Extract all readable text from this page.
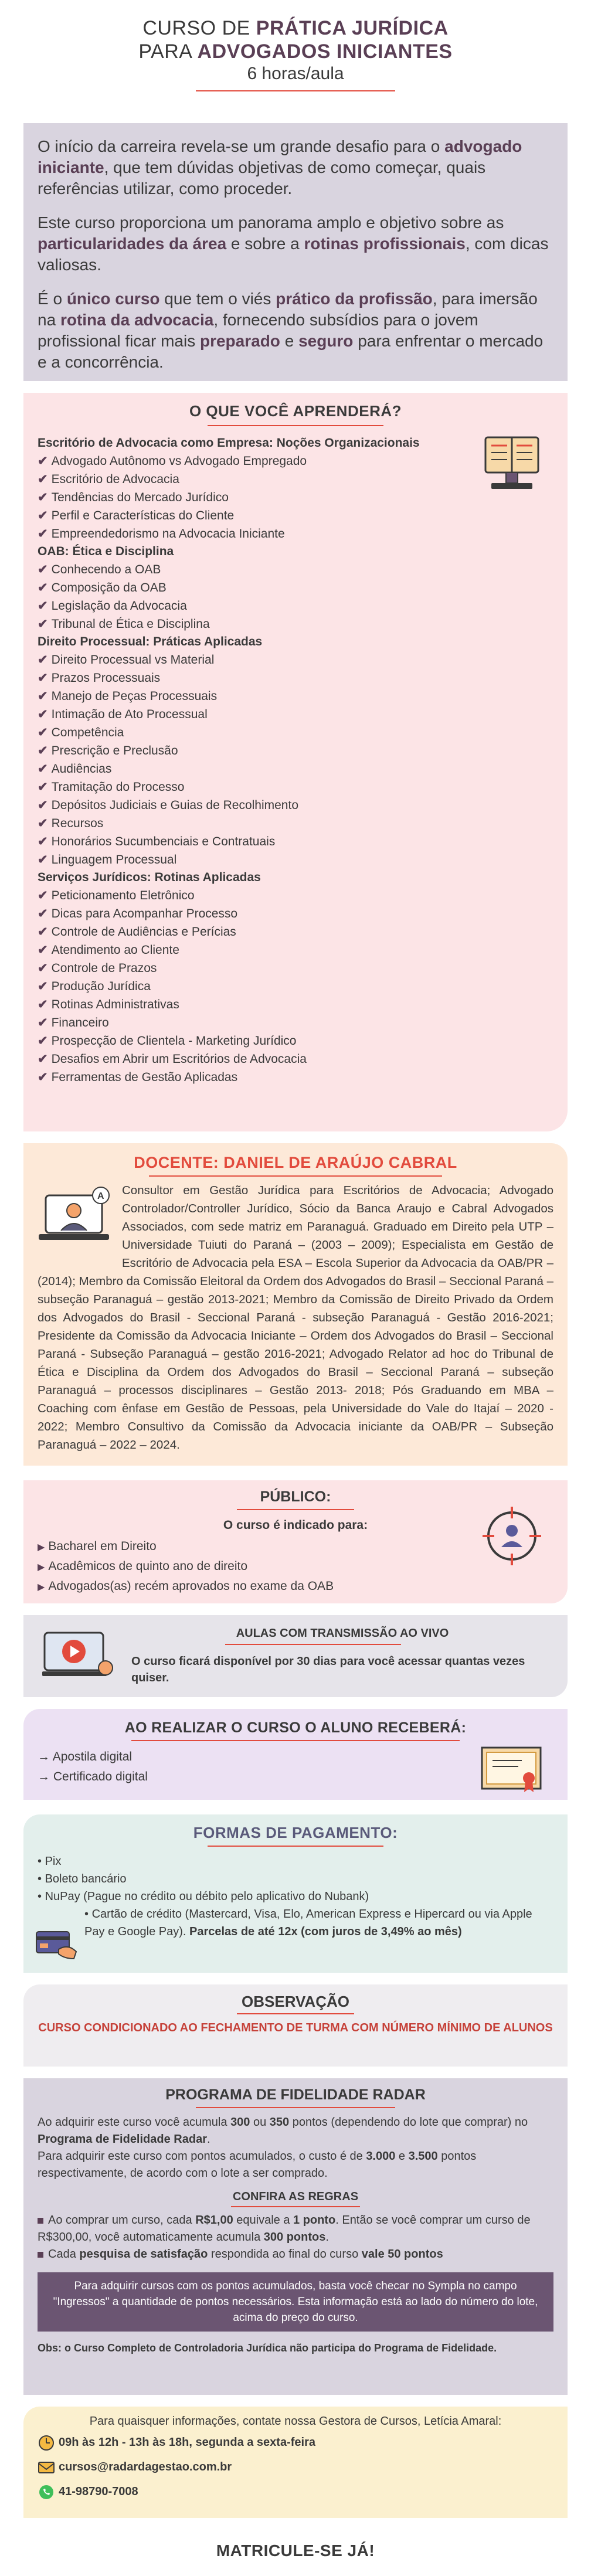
CURSO DE PRÁTICA JURÍDICA
PARA ADVOGADOS INICIANTES
6 horas/aula

O início da carreira revela-se um grande desafio para o advogado iniciante, que tem dúvidas objetivas de como começar, quais referências utilizar, como proceder.

Este curso proporciona um panorama amplo e objetivo sobre as particularidades da área e sobre a rotinas profissionais, com dicas valiosas.

É o único curso que tem o viés prático da profissão, para imersão na rotina da advocacia, fornecendo subsídios para o jovem profissional ficar mais preparado e seguro para enfrentar o mercado e a concorrência.

O QUE VOCÊ APRENDERÁ?
Escritório de Advocacia como Empresa: Noções Organizacionais
✔ Advogado Autônomo vs Advogado Empregado
✔ Escritório de Advocacia
✔ Tendências do Mercado Jurídico
✔ Perfil e Características do Cliente
✔ Empreendedorismo na Advocacia Iniciante
OAB: Ética e Disciplina
✔ Conhecendo a OAB
✔ Composição da OAB
✔ Legislação da Advocacia
✔ Tribunal de Ética e Disciplina
Direito Processual: Práticas Aplicadas
✔ Direito Processual vs Material
✔ Prazos Processuais
✔ Manejo de Peças Processuais
✔ Intimação de Ato Processual
✔ Competência
✔ Prescrição e Preclusão
✔ Audiências
✔ Tramitação do Processo
✔ Depósitos Judiciais e Guias de Recolhimento
✔ Recursos
✔ Honorários Sucumbenciais e Contratuais
✔ Linguagem Processual
Serviços Jurídicos: Rotinas Aplicadas
✔ Peticionamento Eletrônico
✔ Dicas para Acompanhar Processo
✔ Controle de Audiências e Perícias
✔ Atendimento ao Cliente
✔ Controle de Prazos
✔ Produção Jurídica
✔ Rotinas Administrativas
✔ Financeiro
✔ Prospecção de Clientela - Marketing Jurídico
✔ Desafios em Abrir um Escritórios de Advocacia
✔ Ferramentas de Gestão Aplicadas
DOCENTE: DANIEL DE ARAÚJO CABRAL
A Consultor em Gestão Jurídica para Escritórios de Advocacia; Advogado Controlador/Controller Jurídico, Sócio da Banca Araujo e Cabral Advogados Associados, com sede matriz em Paranaguá. Graduado em Direito pela UTP – Universidade Tuiuti do Paraná – (2003 – 2009); Especialista em Gestão de Escritório de Advocacia pela ESA – Escola Superior da Advocacia da OAB/PR – (2014); Membro da Comissão Eleitoral da Ordem dos Advogados do Brasil – Seccional Paraná – subseção Paranaguá – gestão 2013-2021; Membro da Comissão de Direito Privado da Ordem dos Advogados do Brasil - Seccional Paraná - subseção Paranaguá - Gestão 2016-2021; Presidente da Comissão da Advocacia Iniciante – Ordem dos Advogados do Brasil – Seccional Paraná - Subseção Paranaguá – gestão 2016-2021; Advogado Relator ad hoc do Tribunal de Ética e Disciplina da Ordem dos Advogados do Brasil – Seccional Paraná – subseção Paranaguá – processos disciplinares – Gestão 2013- 2018; Pós Graduando em MBA – Coaching com ênfase em Gestão de Pessoas, pela Universidade do Vale do Itajaí – 2020 - 2022; Membro Consultivo da Comissão da Advocacia iniciante da OAB/PR – Subseção Paranaguá – 2022 – 2024.
PÚBLICO:
O curso é indicado para:
▶ Bacharel em Direito
▶ Acadêmicos de quinto ano de direito
▶ Advogados(as) recém aprovados no exame da OAB
AULAS COM TRANSMISSÃO AO VIVO
O curso ficará disponível por 30 dias para você acessar quantas vezes quiser.
AO REALIZAR O CURSO O ALUNO RECEBERÁ:
→ Apostila digital
→ Certificado digital
FORMAS DE PAGAMENTO:
• Pix
• Boleto bancário
• NuPay (Pague no crédito ou débito pelo aplicativo do Nubank)
• Cartão de crédito (Mastercard, Visa, Elo, American Express e Hipercard ou via Apple Pay e Google Pay). Parcelas de até 12x (com juros de 3,49% ao mês)
OBSERVAÇÃO
CURSO CONDICIONADO AO FECHAMENTO DE TURMA COM NÚMERO MÍNIMO DE ALUNOS
PROGRAMA DE FIDELIDADE RADAR
Ao adquirir este curso você acumula 300 ou 350 pontos (dependendo do lote que comprar) no Programa de Fidelidade Radar.
Para adquirir este curso com pontos acumulados, o custo é de 3.000 e 3.500 pontos respectivamente, de acordo com o lote a ser comprado.
CONFIRA AS REGRAS
Ao comprar um curso, cada R$1,00 equivale a 1 ponto. Então se você comprar um curso de R$300,00, você automaticamente acumula 300 pontos.
Cada pesquisa de satisfação respondida ao final do curso vale 50 pontos
Para adquirir cursos com os pontos acumulados, basta você checar no Sympla no campo "Ingressos" a quantidade de pontos necessários. Esta informação está ao lado do número do lote, acima do preço do curso.
Obs: o Curso Completo de Controladoria Jurídica não participa do Programa de Fidelidade.
Para quaisquer informações, contate nossa Gestora de Cursos, Letícia Amaral:
09h às 12h - 13h às 18h, segunda a sexta-feira
cursos@radardagestao.com.br
41-98790-7008
MATRICULE-SE JÁ!
